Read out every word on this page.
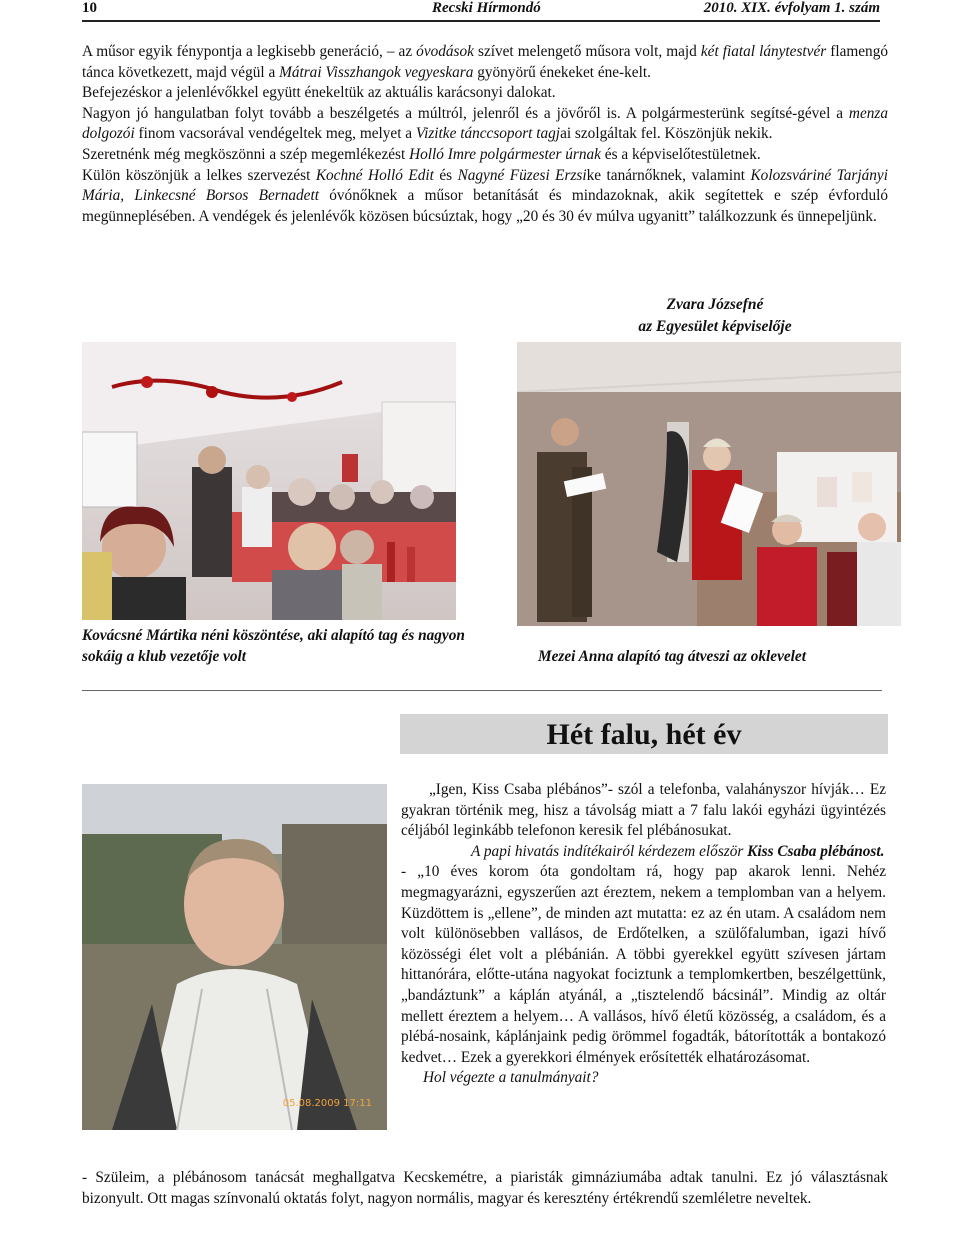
10	Recski Hírmondó	2010. XIX. évfolyam 1. szám

A műsor egyik fénypontja a legkisebb generáció, – az óvodások szívet melengető műsora volt, majd két fiatal lánytestvér flamengó tánca következett, majd végül a Mátrai Visszhangok vegyeskara gyönyörű énekeket éne-kelt.

Befejezéskor a jelenlévőkkel együtt énekeltük az aktuális karácsonyi dalokat.

Nagyon jó hangulatban folyt tovább a beszélgetés a múltról, jelenről és a jövőről is. A polgármesterünk segítsé-gével a menza dolgozói finom vacsorával vendégeltek meg, melyet a Vizitke tánccsoport tagjai szolgáltak fel. Köszönjük nekik.

Szeretnénk még megköszönni a szép megemlékezést Holló Imre polgármester úrnak és a képviselőtestületnek.

Külön köszönjük a lelkes szervezést Kochné Holló Edit és Nagyné Füzesi Erzsike tanárnőknek, valamint Kolozsváriné Tarjányi Mária, Linkecsné Borsos Bernadett óvónőknek a műsor betanítását és mindazoknak, akik segítettek e szép évforduló megünneplésében. A vendégek és jelenlévők közösen búcsúztak, hogy „20 és 30 év múlva ugyanitt” találkozzunk és ünnepeljünk.

Zvara Józsefné
az Egyesület képviselője

Kovácsné Mártika néni köszöntése, aki alapító tag és nagyon sokáig a klub vezetője volt	Mezei Anna alapító tag átveszi az oklevelet

Hét falu, hét év
05.08.2009 17:11

„Igen, Kiss Csaba plébános”- szól a telefonba, valahányszor hívják… Ez gyakran történik meg, hisz a távolság miatt a 7 falu lakói egyházi ügyintézés céljából leginkább telefonon keresik fel plébánosukat.

A papi hivatás indítékairól kérdezem először Kiss Csaba plébánost.

- „10 éves korom óta gondoltam rá, hogy pap akarok lenni. Nehéz megmagyarázni, egyszerűen azt éreztem, nekem a templomban van a helyem. Küzdöttem is „ellene”, de minden azt mutatta: ez az én utam. A családom nem volt különösebben vallásos, de Erdőtelken, a szülőfalumban, igazi hívő közösségi élet volt a plébánián. A többi gyerekkel együtt szívesen jártam hittanórára, előtte-utána nagyokat fociztunk a templomkertben, beszélgettünk, „bandáztunk” a káplán atyánál, a „tisztelendő bácsinál”. Mindig az oltár mellett éreztem a helyem… A vallásos, hívő életű közösség, a családom, és a plébá-nosaink, káplánjaink pedig örömmel fogadták, bátorították a bontakozó kedvet… Ezek a gyerekkori élmények erősítették elhatározásomat.

Hol végezte a tanulmányait?

- Szüleim, a plébánosom tanácsát meghallgatva Kecskemétre, a piaristák gimnáziumába adtak tanulni. Ez jó választásnak bizonyult. Ott magas színvonalú oktatás folyt, nagyon normális, magyar és keresztény értékrendű szemléletre neveltek.
